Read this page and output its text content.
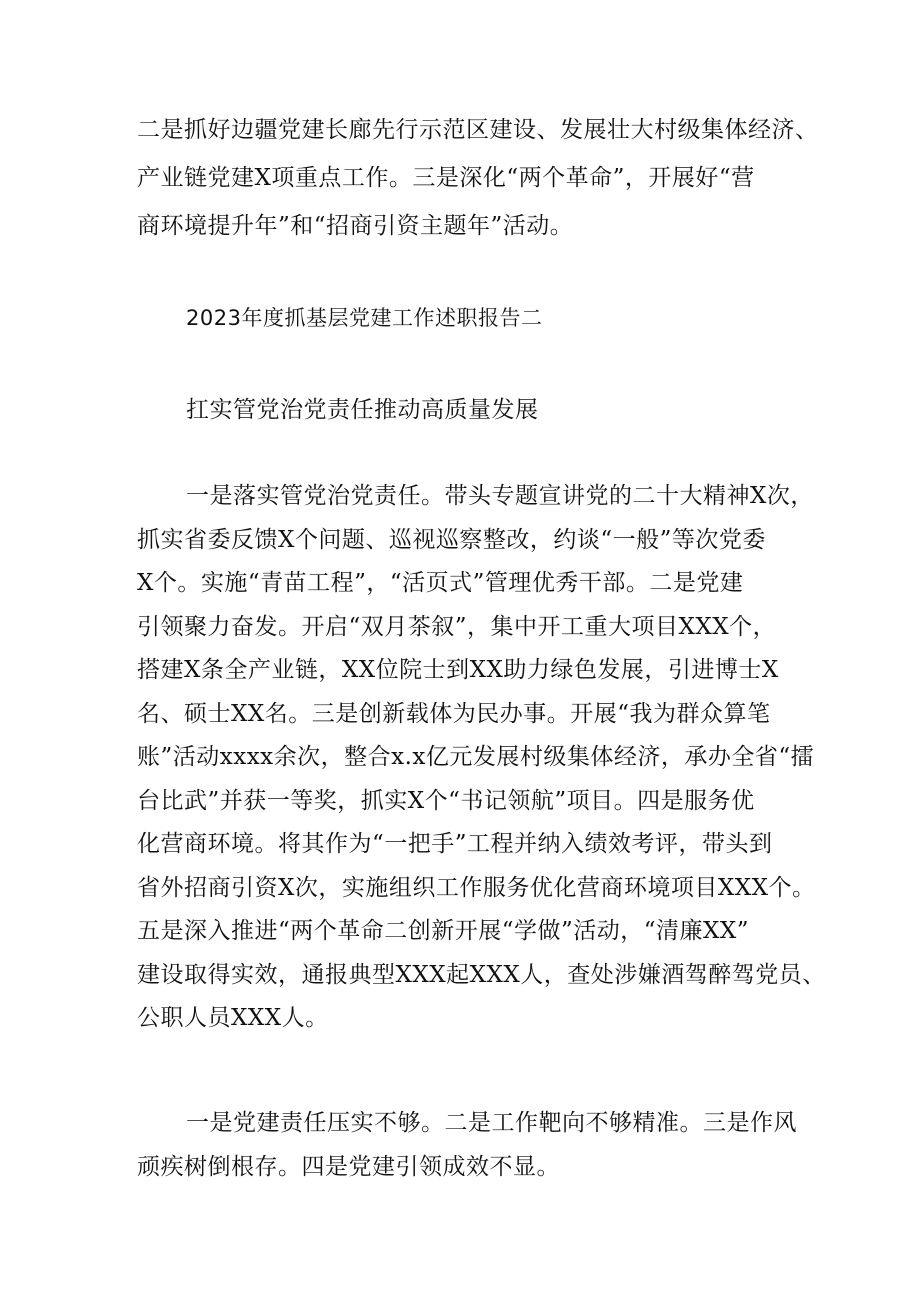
二是抓好边疆党建长廊先行示范区建设、发展壮大村级集体经济、
产业链党建X项重点工作。三是深化“两个革命”，开展好“营
商环境提升年”和“招商引资主题年”活动。
2023年度抓基层党建工作述职报告二
扛实管党治党责任推动高质量发展
一是落实管党治党责任。带头专题宣讲党的二十大精神X次，
抓实省委反馈X个问题、巡视巡察整改，约谈“一般”等次党委
X个。实施“青苗工程”，“活页式”管理优秀干部。二是党建
引领聚力奋发。开启“双月茶叙”，集中开工重大项目XXX个，
搭建X条全产业链，XX位院士到XX助力绿色发展，引进博士X
名、硕士XX名。三是创新载体为民办事。开展“我为群众算笔
账”活动xxxx余次，整合x.x亿元发展村级集体经济，承办全省“擂
台比武”并获一等奖，抓实X个“书记领航”项目。四是服务优
化营商环境。将其作为“一把手”工程并纳入绩效考评，带头到
省外招商引资X次，实施组织工作服务优化营商环境项目XXX个。
五是深入推进“两个革命二创新开展“学做”活动，“清廉XX”
建设取得实效，通报典型XXX起XXX人，查处涉嫌酒驾醉驾党员、
公职人员XXX人。
一是党建责任压实不够。二是工作靶向不够精准。三是作风
顽疾树倒根存。四是党建引领成效不显。
